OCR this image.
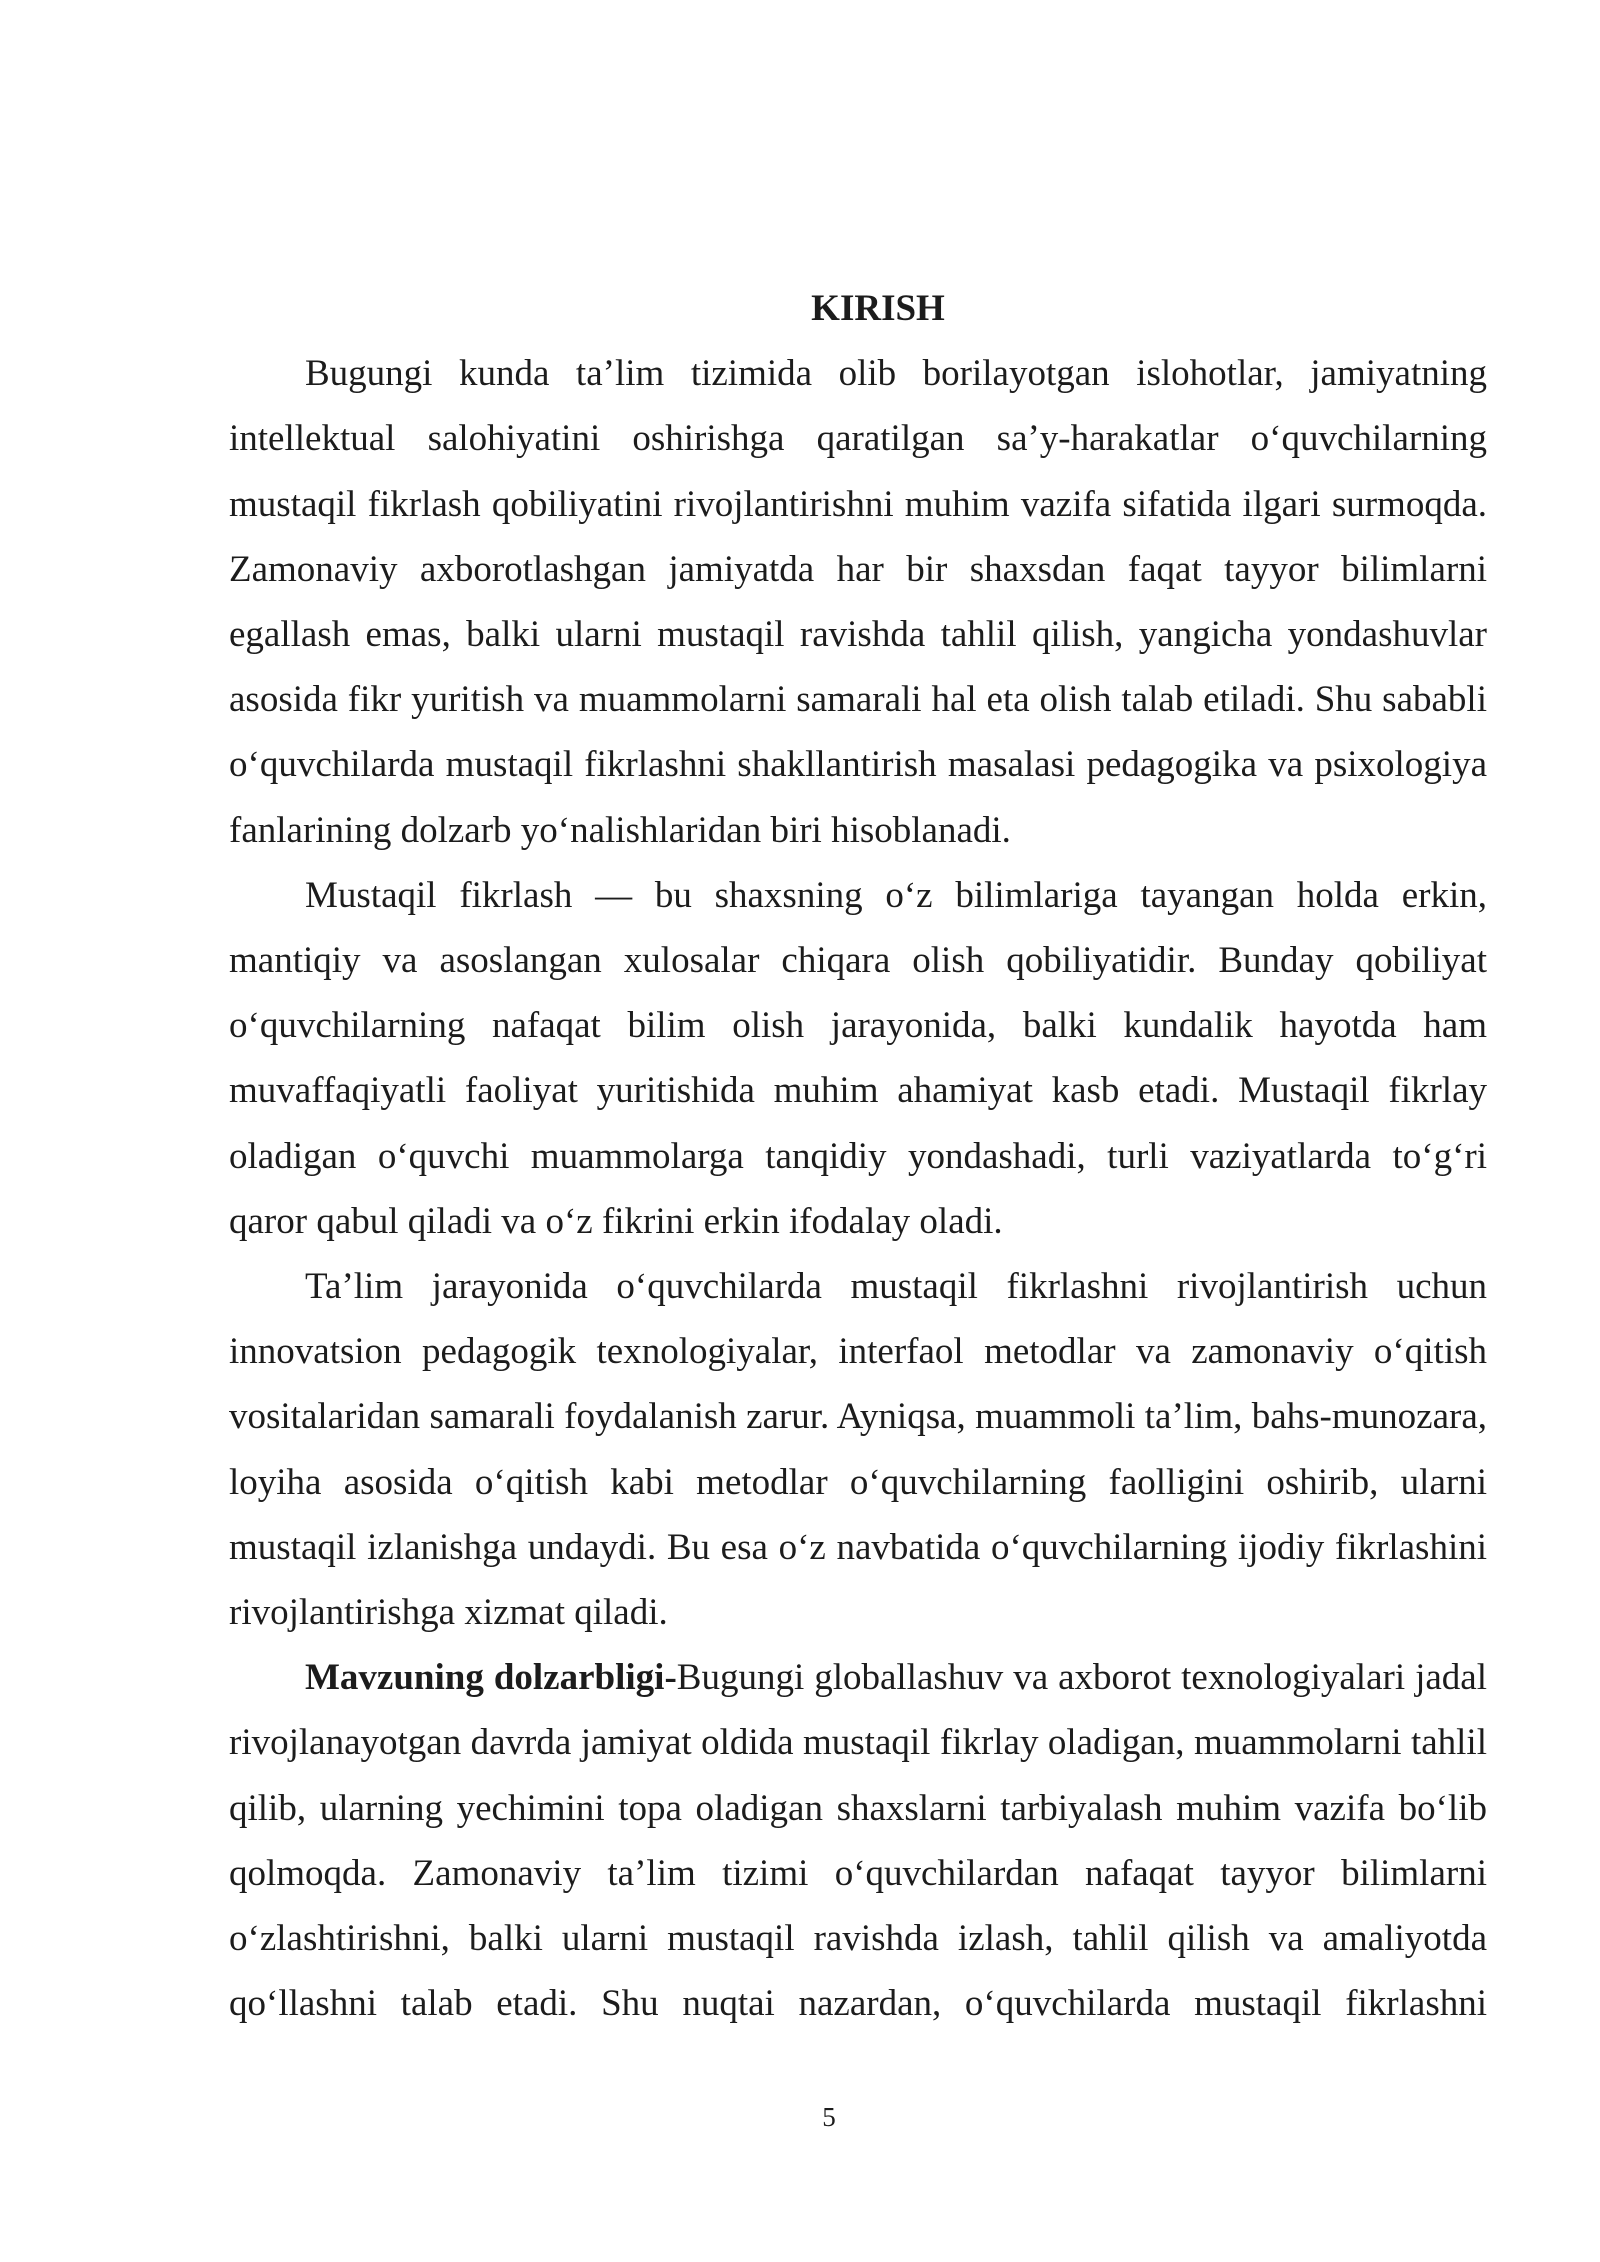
KIRISH

Bugungi kunda ta’lim tizimida olib borilayotgan islohotlar, jamiyatning intellektual salohiyatini oshirishga qaratilgan sa’y-harakatlar o‘quvchilarning mustaqil fikrlash qobiliyatini rivojlantirishni muhim vazifa sifatida ilgari surmoqda. Zamonaviy axborotlashgan jamiyatda har bir shaxsdan faqat tayyor bilimlarni egallash emas, balki ularni mustaqil ravishda tahlil qilish, yangicha yondashuvlar asosida fikr yuritish va muammolarni samarali hal eta olish talab etiladi. Shu sababli o‘quvchilarda mustaqil fikrlashni shakllantirish masalasi pedagogika va psixologiya fanlarining dolzarb yo‘nalishlaridan biri hisoblanadi.

Mustaqil fikrlash — bu shaxsning o‘z bilimlariga tayangan holda erkin, mantiqiy va asoslangan xulosalar chiqara olish qobiliyatidir. Bunday qobiliyat o‘quvchilarning nafaqat bilim olish jarayonida, balki kundalik hayotda ham muvaffaqiyatli faoliyat yuritishida muhim ahamiyat kasb etadi. Mustaqil fikrlay oladigan o‘quvchi muammolarga tanqidiy yondashadi, turli vaziyatlarda to‘g‘ri qaror qabul qiladi va o‘z fikrini erkin ifodalay oladi.

Ta’lim jarayonida o‘quvchilarda mustaqil fikrlashni rivojlantirish uchun innovatsion pedagogik texnologiyalar, interfaol metodlar va zamonaviy o‘qitish vositalaridan samarali foydalanish zarur. Ayniqsa, muammoli ta’lim, bahs-munozara, loyiha asosida o‘qitish kabi metodlar o‘quvchilarning faolligini oshirib, ularni mustaqil izlanishga undaydi. Bu esa o‘z navbatida o‘quvchilarning ijodiy fikrlashini rivojlantirishga xizmat qiladi.

Mavzuning dolzarbligi-Bugungi globallashuv va axborot texnologiyalari jadal rivojlanayotgan davrda jamiyat oldida mustaqil fikrlay oladigan, muammolarni tahlil qilib, ularning yechimini topa oladigan shaxslarni tarbiyalash muhim vazifa bo‘lib qolmoqda. Zamonaviy ta’lim tizimi o‘quvchilardan nafaqat tayyor bilimlarni o‘zlashtirishni, balki ularni mustaqil ravishda izlash, tahlil qilish va amaliyotda qo‘llashni talab etadi. Shu nuqtai nazardan, o‘quvchilarda mustaqil fikrlashni

5
